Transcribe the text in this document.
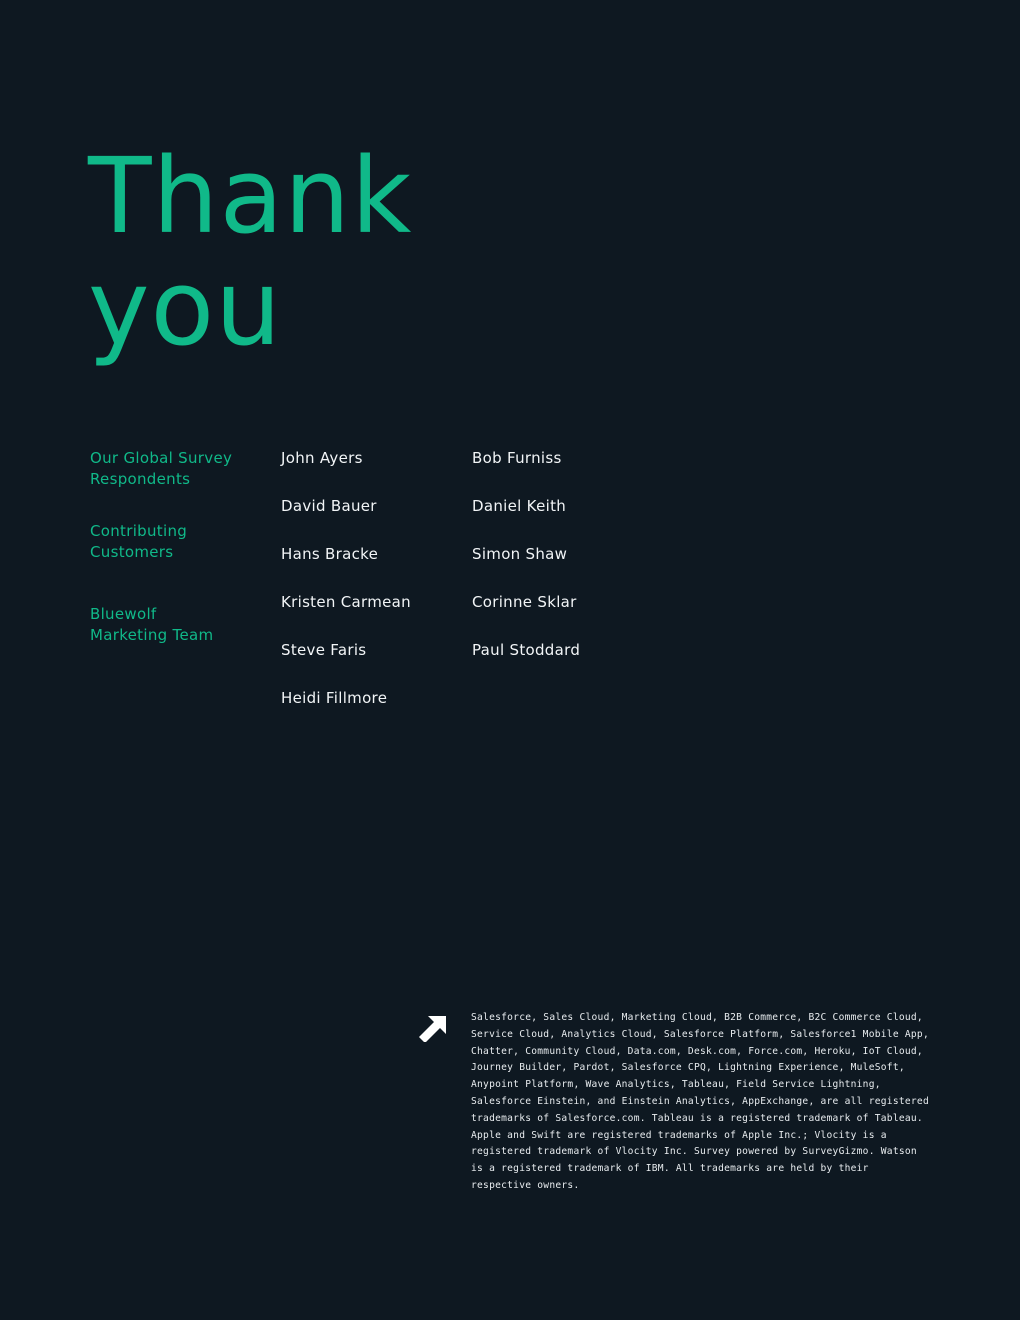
Thank
you
Our Global Survey
Respondents
Contributing
Customers
Bluewolf
Marketing Team
John Ayers
David Bauer
Hans Bracke
Kristen Carmean
Steve Faris
Heidi Fillmore
Bob Furniss
Daniel Keith
Simon Shaw
Corinne Sklar
Paul Stoddard

Salesforce, Sales Cloud, Marketing Cloud, B2B Commerce, B2C Commerce Cloud, Service Cloud, Analytics Cloud, Salesforce Platform, Salesforce1 Mobile App, Chatter, Community Cloud, Data.com, Desk.com, Force.com, Heroku, IoT Cloud, Journey Builder, Pardot, Salesforce CPQ, Lightning Experience, MuleSoft, Anypoint Platform, Wave Analytics, Tableau, Field Service Lightning, Salesforce Einstein, and Einstein Analytics, AppExchange, are all registered trademarks of Salesforce.com. Tableau is a registered trademark of Tableau. Apple and Swift are registered trademarks of Apple Inc.; Vlocity is a registered trademark of Vlocity Inc. Survey powered by SurveyGizmo. Watson is a registered trademark of IBM. All trademarks are held by their respective owners.
